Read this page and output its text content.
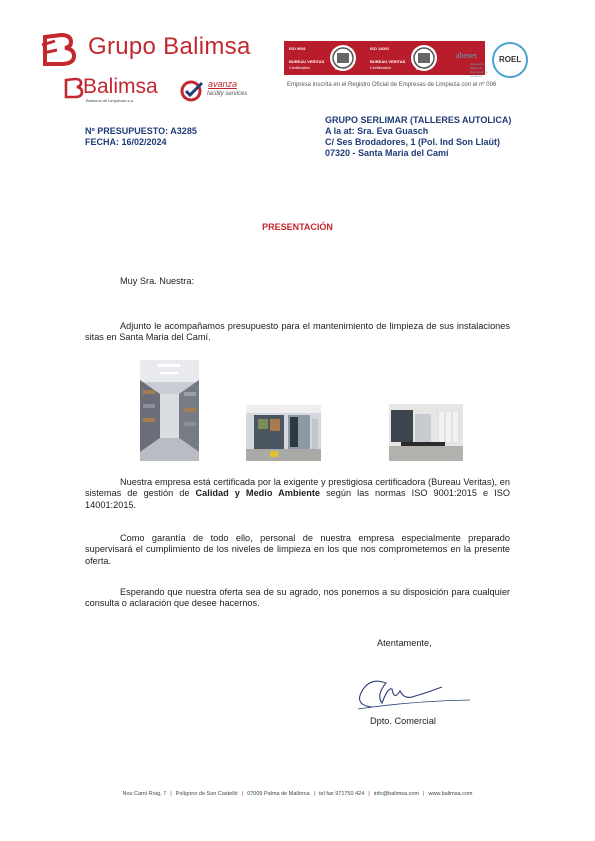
Grupo Balimsa
Balimsa
Balseros de Limpiezas s.a.
avanza
facility services
ISO 9001
BUREAU VERITAS
Certification	1828
ISO 14001
BUREAU VERITAS
Certification	1828
abenet
Asociación Balear de Empresas de Limpieza
ROEL
Empresa inscrita en el Registro Oficial de Empresas de Limpieza con el nº 006
Nº PRESUPUESTO: A3285
FECHA: 16/02/2024
GRUPO SERLIMAR (TALLERES AUTOLICA)
A la at: Sra. Eva Guasch
C/ Ses Brodadores, 1 (Pol. Ind Son Llaüt)
07320 - Santa Maria del Camí
PRESENTACIÓN
Muy Sra. Nuestra:

Adjunto le acompañamos presupuesto para el mantenimiento de limpieza de sus instalaciones sitas en Santa Maria del Camí.

Nuestra empresa está certificada por la exigente y prestigiosa certificadora (Bureau Veritas), en sistemas de gestión de Calidad y Medio Ambiente según las normas ISO 9001:2015 e ISO 14001:2015.

Como garantía de todo ello, personal de nuestra empresa especialmente preparado supervisará el cumplimiento de los niveles de limpieza en los que nos comprometemos en la presente oferta.

Esperando que nuestra oferta sea de su agrado, nos ponemos a su disposición para cualquier consulta o aclaración que desee hacernos.

Atentamente,
Dpto. Comercial
Nou Camí Roig, 7 | Polígono de Son Castelló | 07009 Palma de Mallorca | tel fax 971750 424 | info@balimsa.com | www.balimsa.com
